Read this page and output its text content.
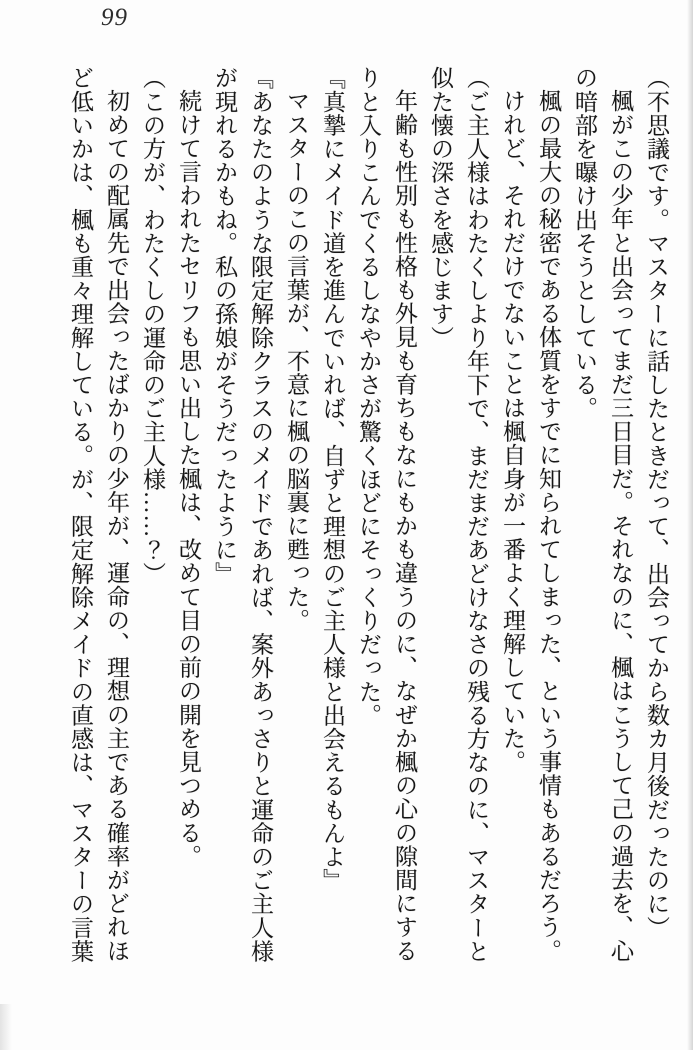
99

（不思議です。マスターに話したときだって、出会ってから数カ月後だったのに）

楓がこの少年と出会ってまだ三日目だ。それなのに、楓はこうして己の過去を、心の暗部を曝け出そうとしている。

楓の最大の秘密である体質をすでに知られてしまった、という事情もあるだろう。

けれど、それだけでないことは楓自身が一番よく理解していた。

（ご主人様はわたくしより年下で、まだまだあどけなさの残る方なのに、マスターと似た懐の深さを感じます）

年齢も性別も性格も外見も育ちもなにもかも違うのに、なぜか楓の心の隙間にするりと入りこんでくるしなやかさが驚くほどにそっくりだった。

『真摯にメイド道を進んでいれば、自ずと理想のご主人様と出会えるもんよ』

マスターのこの言葉が、不意に楓の脳裏に甦った。

『あなたのような限定解除クラスのメイドであれば、案外あっさりと運命のご主人様が現れるかもね。私の孫娘がそうだったように』

続けて言われたセリフも思い出した楓は、改めて目の前の開を見つめる。

（この方が、わたくしの運命のご主人様……？）

初めての配属先で出会ったばかりの少年が、運命の、理想の主である確率がどれほど低いかは、楓も重々理解している。が、限定解除メイドの直感は、マスターの言葉
